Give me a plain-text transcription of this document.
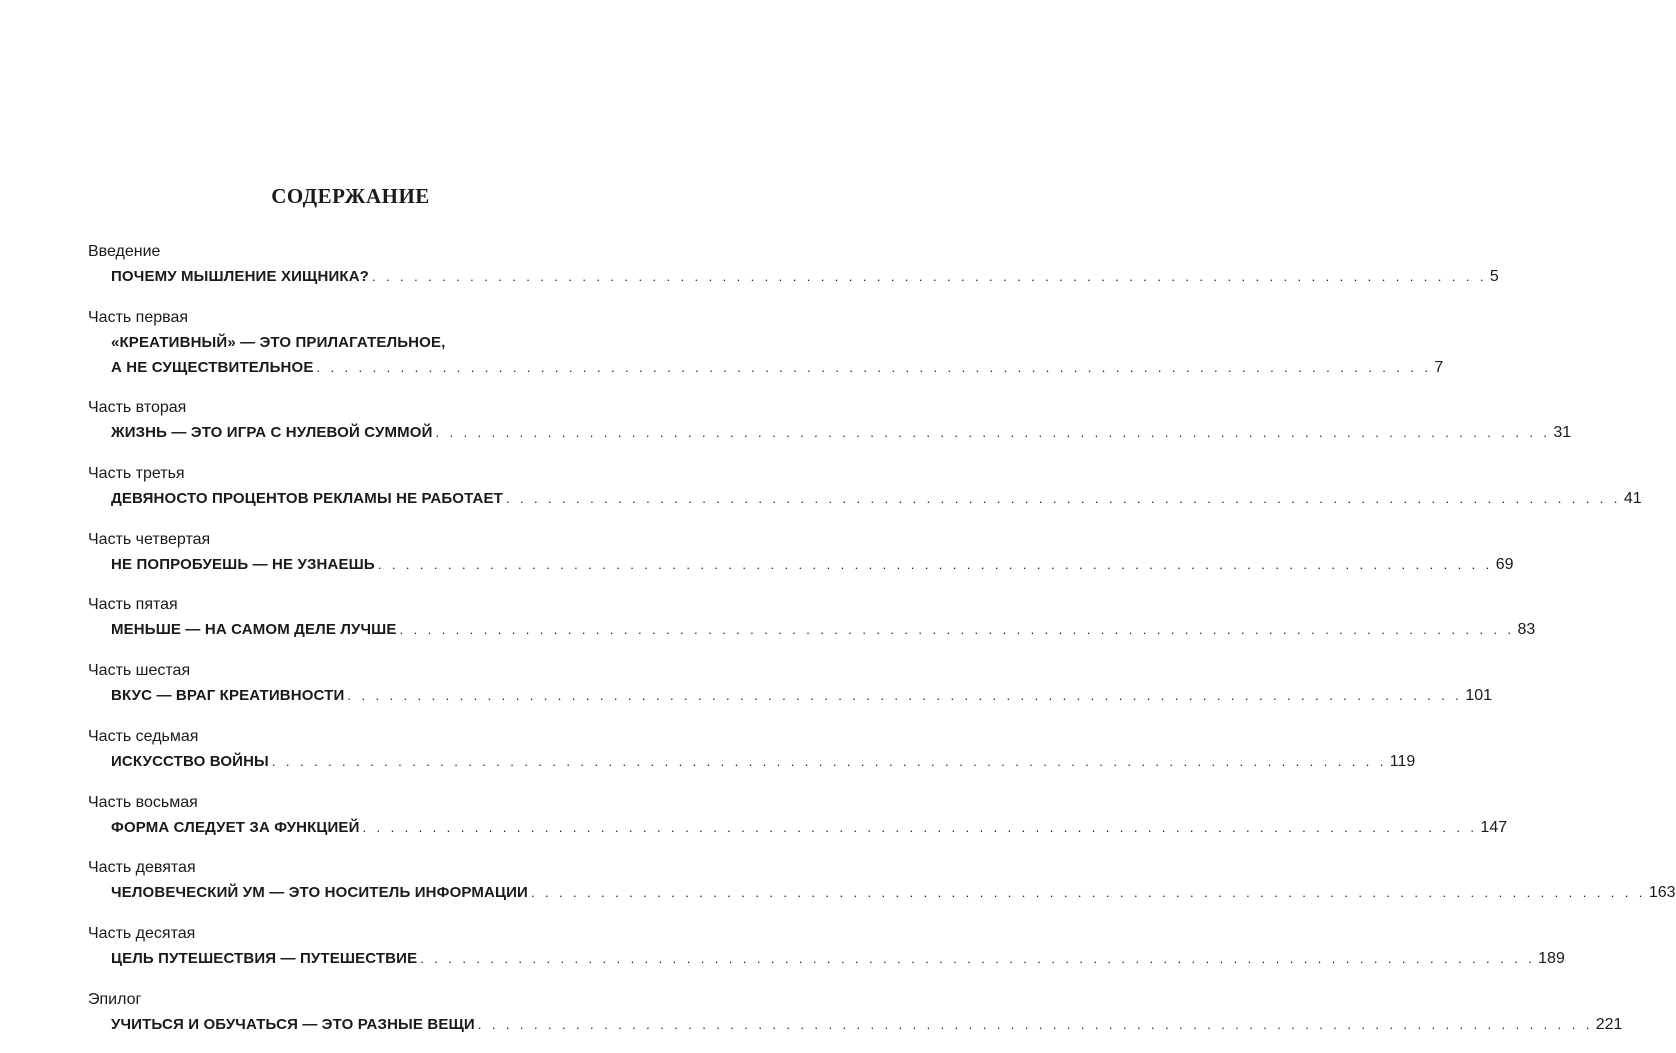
СОДЕРЖАНИЕ
Введение
ПОЧЕМУ МЫШЛЕНИЕ ХИЩНИКА? . . . . . . . . . . . . . . . . . . . . . . . . . . . . . . . . . . . . . . . . . . . . . . . . . . . . . . . . . . . . . . . . . . . . . . . . . . . . . . . . 5
Часть первая
«КРЕАТИВНЫЙ» — ЭТО ПРИЛАГАТЕЛЬНОЕ,
А НЕ СУЩЕСТВИТЕЛЬНОЕ . . . . . . . . . . . . . . . . . . . . . . . . . . . . . . . . . . . . . . . . . . . . . . . . . . . . . . . . . . . . . . . . . . . . . . . . . . . . . . . . 7
Часть вторая
ЖИЗНЬ — ЭТО ИГРА С НУЛЕВОЙ СУММОЙ . . . . . . . . . . . . . . . . . . . . . . . . . . . . . . . . . . . . . . . . . . . . . . . . . . . . . . . . . . . . . . . . . . . . . . . . . . . . . . . . 31
Часть третья
ДЕВЯНОСТО ПРОЦЕНТОВ РЕКЛАМЫ НЕ РАБОТАЕТ . . . . . . . . . . . . . . . . . . . . . . . . . . . . . . . . . . . . . . . . . . . . . . . . . . . . . . . . . . . . . . . . . . . . . . . . . . . . . . . . 41
Часть четвертая
НЕ ПОПРОБУЕШЬ — НЕ УЗНАЕШЬ . . . . . . . . . . . . . . . . . . . . . . . . . . . . . . . . . . . . . . . . . . . . . . . . . . . . . . . . . . . . . . . . . . . . . . . . . . . . . . . . 69
Часть пятая
МЕНЬШЕ — НА САМОМ ДЕЛЕ ЛУЧШЕ . . . . . . . . . . . . . . . . . . . . . . . . . . . . . . . . . . . . . . . . . . . . . . . . . . . . . . . . . . . . . . . . . . . . . . . . . . . . . . . . 83
Часть шестая
ВКУС — ВРАГ КРЕАТИВНОСТИ . . . . . . . . . . . . . . . . . . . . . . . . . . . . . . . . . . . . . . . . . . . . . . . . . . . . . . . . . . . . . . . . . . . . . . . . . . . . . . . . 101
Часть седьмая
ИСКУССТВО ВОЙНЫ . . . . . . . . . . . . . . . . . . . . . . . . . . . . . . . . . . . . . . . . . . . . . . . . . . . . . . . . . . . . . . . . . . . . . . . . . . . . . . . . 119
Часть восьмая
ФОРМА СЛЕДУЕТ ЗА ФУНКЦИЕЙ . . . . . . . . . . . . . . . . . . . . . . . . . . . . . . . . . . . . . . . . . . . . . . . . . . . . . . . . . . . . . . . . . . . . . . . . . . . . . . . . 147
Часть девятая
ЧЕЛОВЕЧЕСКИЙ УМ — ЭТО НОСИТЕЛЬ ИНФОРМАЦИИ . . . . . . . . . . . . . . . . . . . . . . . . . . . . . . . . . . . . . . . . . . . . . . . . . . . . . . . . . . . . . . . . . . . . . . . . . . . . . . . . 163
Часть десятая
ЦЕЛЬ ПУТЕШЕСТВИЯ — ПУТЕШЕСТВИЕ . . . . . . . . . . . . . . . . . . . . . . . . . . . . . . . . . . . . . . . . . . . . . . . . . . . . . . . . . . . . . . . . . . . . . . . . . . . . . . . . 189
Эпилог
УЧИТЬСЯ И ОБУЧАТЬСЯ — ЭТО РАЗНЫЕ ВЕЩИ . . . . . . . . . . . . . . . . . . . . . . . . . . . . . . . . . . . . . . . . . . . . . . . . . . . . . . . . . . . . . . . . . . . . . . . . . . . . . . . . 221
